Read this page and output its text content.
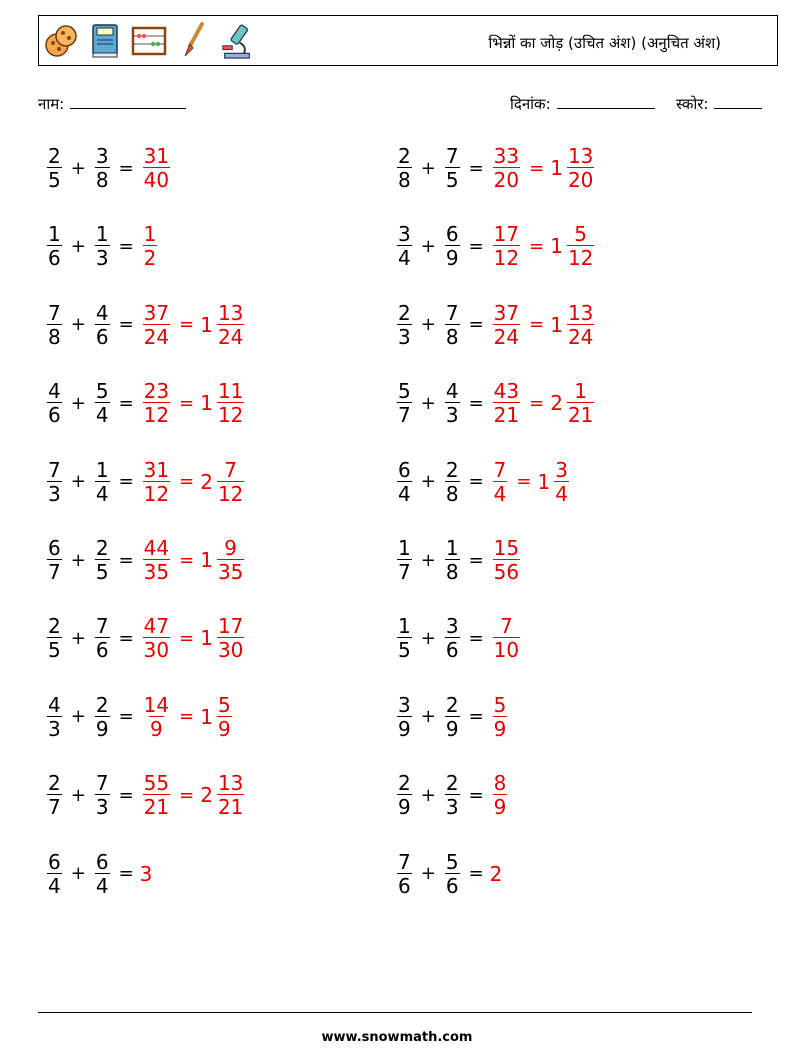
भिन्नों का जोड़ (उचित अंश) (अनुचित अंश)
नाम:	दिनांक:	स्कोर:
$\frac{2}{5} + \frac{3}{8} = \frac{31}{40}$	$\frac{2}{8} + \frac{7}{5} = \frac{33}{20} = 1 \frac{13}{20}$
$\frac{1}{6} + \frac{1}{3} = \frac{1}{2}$	$\frac{3}{4} + \frac{6}{9} = \frac{17}{12} = 1 \frac{5}{12}$
$\frac{7}{8} + \frac{4}{6} = \frac{37}{24} = 1 \frac{13}{24}$	$\frac{2}{3} + \frac{7}{8} = \frac{37}{24} = 1 \frac{13}{24}$
$\frac{4}{6} + \frac{5}{4} = \frac{23}{12} = 1 \frac{11}{12}$	$\frac{5}{7} + \frac{4}{3} = \frac{43}{21} = 2 \frac{1}{21}$
$\frac{7}{3} + \frac{1}{4} = \frac{31}{12} = 2 \frac{7}{12}$	$\frac{6}{4} + \frac{2}{8} = \frac{7}{4} = 1 \frac{3}{4}$
$\frac{6}{7} + \frac{2}{5} = \frac{44}{35} = 1 \frac{9}{35}$	$\frac{1}{7} + \frac{1}{8} = \frac{15}{56}$
$\frac{2}{5} + \frac{7}{6} = \frac{47}{30} = 1 \frac{17}{30}$	$\frac{1}{5} + \frac{3}{6} = \frac{7}{10}$
$\frac{4}{3} + \frac{2}{9} = \frac{14}{9} = 1 \frac{5}{9}$	$\frac{3}{9} + \frac{2}{9} = \frac{5}{9}$
$\frac{2}{7} + \frac{7}{3} = \frac{55}{21} = 2 \frac{13}{21}$	$\frac{2}{9} + \frac{2}{3} = \frac{8}{9}$
$\frac{6}{4} + \frac{6}{4} = 3$	$\frac{7}{6} + \frac{5}{6} = 2$
www.snowmath.com
